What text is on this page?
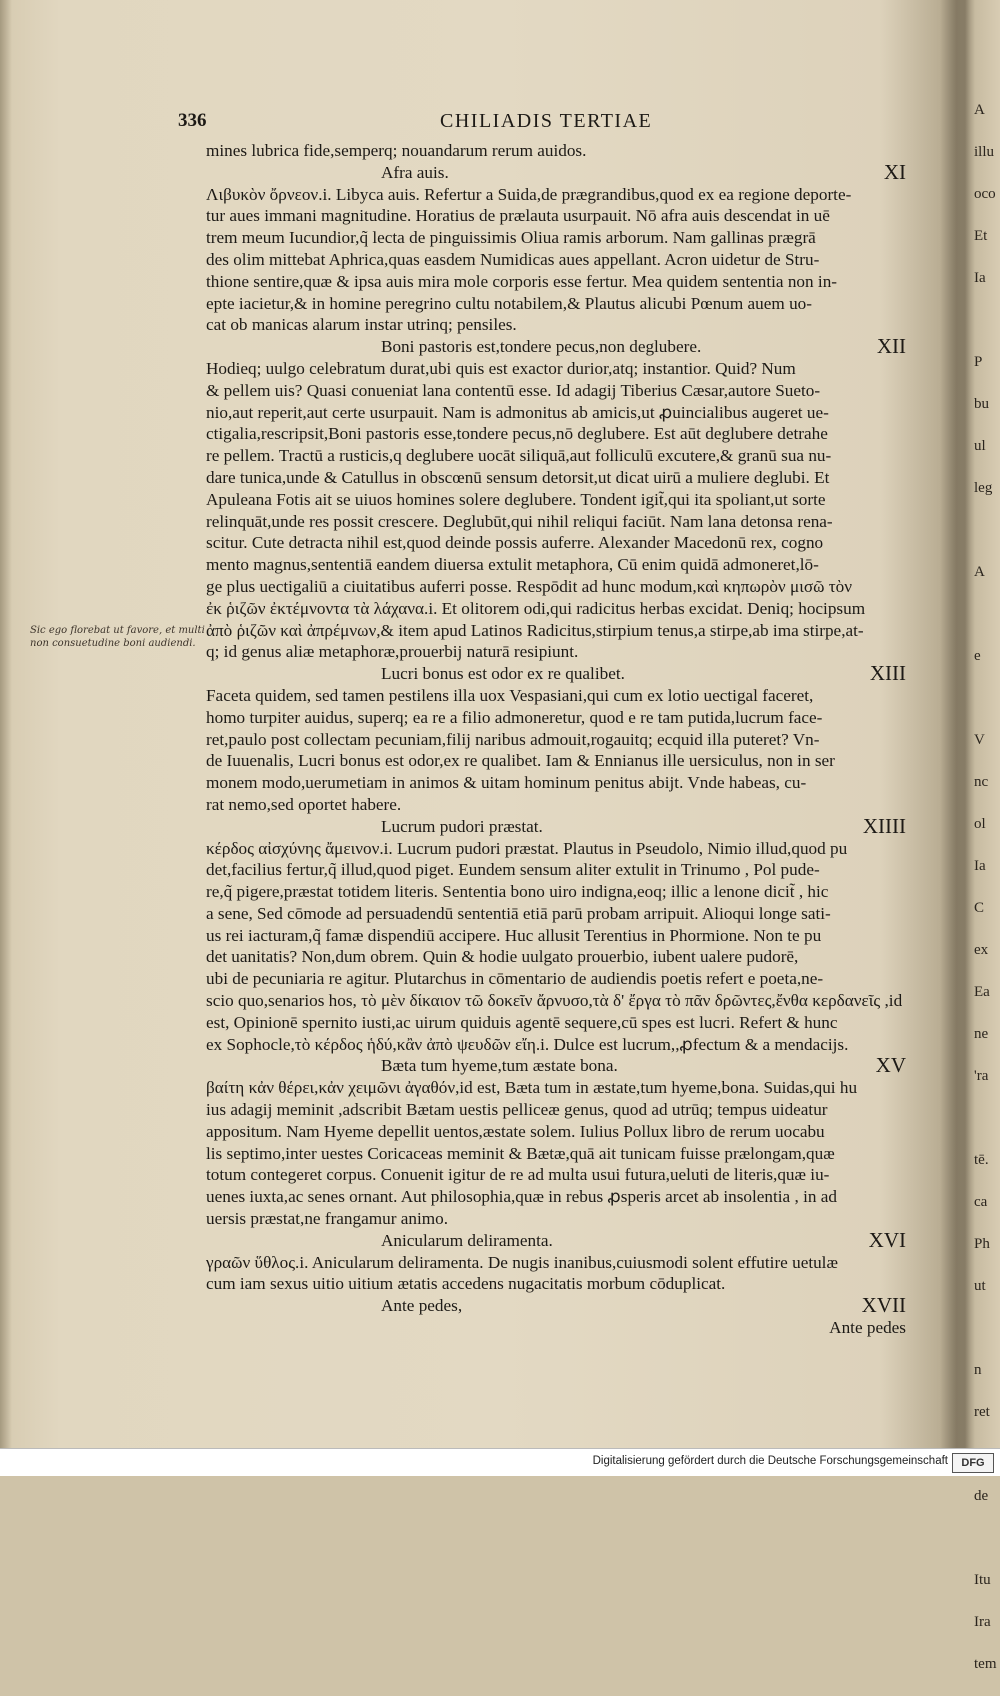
336	CHILIADIS TERTIAE
Sic ego florebat ut favore, et multi
non consuetudine boni audiendi.
mines lubrica fide,semperq; nouandarum rerum auidos.
Afra auis.	XI
Λιβυκὸν ὄρνεον.i. Libyca auis. Refertur a Suida,de prægrandibus,quod ex ea regione deporte-
tur aues immani magnitudine. Horatius de prælauta usurpauit. Nō afra auis descendat in uē
trem meum Iucundior,q̃ lecta de pinguissimis Oliua ramis arborum. Nam gallinas prægrā
des olim mittebat Aphrica,quas easdem Numidicas aues appellant. Acron uidetur de Stru-
thione sentire,quæ & ipsa auis mira mole corporis esse fertur. Mea quidem sententia non in-
epte iacietur,& in homine peregrino cultu notabilem,& Plautus alicubi Pœnum auem uo-
cat ob manicas alarum instar utrinq; pensiles.
Boni pastoris est,tondere pecus,non deglubere.	XII
Hodieq; uulgo celebratum durat,ubi quis est exactor durior,atq; instantior. Quid? Num
& pellem uis? Quasi conueniat lana contentū esse. Id adagij Tiberius Cæsar,autore Sueto-
nio,aut reperit,aut certe usurpauit. Nam is admonitus ab amicis,ut ꝓuincialibus augeret ue-
ctigalia,rescripsit,Boni pastoris esse,tondere pecus,nō deglubere. Est aūt deglubere detrahe
re pellem. Tractū a rusticis,q deglubere uocāt siliquā,aut folliculū excutere,& granū sua nu-
dare tunica,unde & Catullus in obscœnū sensum detorsit,ut dicat uirū a muliere deglubi. Et
Apuleana Fotis ait se uiuos homines solere deglubere. Tondent igit̃,qui ita spoliant,ut sorte
relinquāt,unde res possit crescere. Deglubūt,qui nihil reliqui faciūt. Nam lana detonsa rena-
scitur. Cute detracta nihil est,quod deinde possis auferre. Alexander Macedonū rex, cogno
mento magnus,sententiā eandem diuersa extulit metaphora, Cū enim quidā admoneret,lō-
ge plus uectigaliū a ciuitatibus auferri posse. Respōdit ad hunc modum,καὶ κηπωρὸν μισῶ τὸν
ἐκ ῥιζῶν ἐκτέμνοντα τὰ λάχανα.i. Et olitorem odi,qui radicitus herbas excidat. Deniq; hocipsum
ἀπὸ ῥιζῶν καὶ ἀπρέμνων,& item apud Latinos Radicitus,stirpium tenus,a stirpe,ab ima stirpe,at-
q; id genus aliæ metaphoræ,prouerbij naturā resipiunt.
Lucri bonus est odor ex re qualibet.	XIII
Faceta quidem, sed tamen pestilens illa uox Vespasiani,qui cum ex lotio uectigal faceret,
homo turpiter auidus, superq; ea re a filio admoneretur, quod e re tam putida,lucrum face-
ret,paulo post collectam pecuniam,filij naribus admouit,rogauitq; ecquid illa puteret? Vn-
de Iuuenalis, Lucri bonus est odor,ex re qualibet. Iam & Ennianus ille uersiculus, non in ser
monem modo,uerumetiam in animos & uitam hominum penitus abijt. Vnde habeas, cu-
rat nemo,sed oportet habere.
Lucrum pudori præstat.	XIIII
κέρδος αἰσχύνης ἄμεινον.i. Lucrum pudori præstat. Plautus in Pseudolo, Nimio illud,quod pu
det,facilius fertur,q̃ illud,quod piget. Eundem sensum aliter extulit in Trinumo , Pol pude-
re,q̃ pigere,præstat totidem literis. Sententia bono uiro indigna,eoq; illic a lenone dicit̃ , hic
a sene, Sed cōmode ad persuadendū sententiā etiā parū probam arripuit. Alioqui longe sati-
us rei iacturam,q̃ famæ dispendiū accipere. Huc allusit Terentius in Phormione. Non te pu
det uanitatis? Non,dum obrem. Quin & hodie uulgato prouerbio, iubent ualere pudorē,
ubi de pecuniaria re agitur. Plutarchus in cōmentario de audiendis poetis refert e poeta,ne-
scio quo,senarios hos, τὸ μὲν δίκαιον τῶ δοκεῖν ἄρνυσο,τὰ δ' ἔργα τὸ πᾶν δρῶντες,ἔνθα κερδανεῖς ,id
est, Opinionē spernito iusti,ac uirum quiduis agentē sequere,cū spes est lucri. Refert & hunc
ex Sophocle,τὸ κέρδος ἡδύ,κἂν ἀπὸ ψευδῶν εἴη.i. Dulce est lucrum,,ꝓfectum & a mendacijs.
Bæta tum hyeme,tum æstate bona.	XV
βαίτη κἀν θέρει,κἀν χειμῶνι ἀγαθόν,id est, Bæta tum in æstate,tum hyeme,bona. Suidas,qui hu
ius adagij meminit ,adscribit Bætam uestis pelliceæ genus, quod ad utrūq; tempus uideatur
appositum. Nam Hyeme depellit uentos,æstate solem. Iulius Pollux libro de rerum uocabu
lis septimo,inter uestes Coricaceas meminit & Bætæ,quā ait tunicam fuisse prælongam,quæ
totum contegeret corpus. Conuenit igitur de re ad multa usui futura,ueluti de literis,quæ iu-
uenes iuxta,ac senes ornant. Aut philosophia,quæ in rebus ꝓsperis arcet ab insolentia , in ad
uersis præstat,ne frangamur animo.
Anicularum deliramenta.	XVI
γραῶν ὕθλος.i. Anicularum deliramenta. De nugis inanibus,cuiusmodi solent effutire uetulæ
cum iam sexus uitio uitium ætatis accedens nugacitatis morbum cōduplicat.
Ante pedes,	XVII
Ante pedes
A
illu
oco
Et
Ia
P
bu
ul
leg
A
e
V
nc
ol
Ia
C
ex
Ea
ne
'ra
tē.
ca
Ph
ut
n
ret
de
Itu
Ira
tem
Digitalisierung gefördert durch die Deutsche Forschungsgemeinschaft	DFG
